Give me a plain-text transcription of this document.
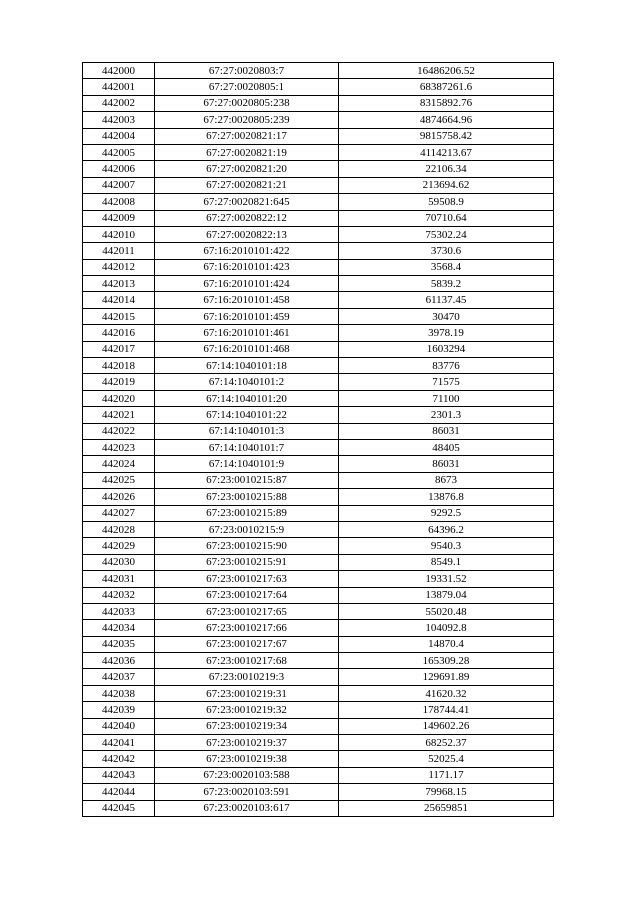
442000	67:27:0020803:7	16486206.52
442001	67:27:0020805:1	68387261.6
442002	67:27:0020805:238	8315892.76
442003	67:27:0020805:239	4874664.96
442004	67:27:0020821:17	9815758.42
442005	67:27:0020821:19	4114213.67
442006	67:27:0020821:20	22106.34
442007	67:27:0020821:21	213694.62
442008	67:27:0020821:645	59508.9
442009	67:27:0020822:12	70710.64
442010	67:27:0020822:13	75302.24
442011	67:16:2010101:422	3730.6
442012	67:16:2010101:423	3568.4
442013	67:16:2010101:424	5839.2
442014	67:16:2010101:458	61137.45
442015	67:16:2010101:459	30470
442016	67:16:2010101:461	3978.19
442017	67:16:2010101:468	1603294
442018	67:14:1040101:18	83776
442019	67:14:1040101:2	71575
442020	67:14:1040101:20	71100
442021	67:14:1040101:22	2301.3
442022	67:14:1040101:3	86031
442023	67:14:1040101:7	48405
442024	67:14:1040101:9	86031
442025	67:23:0010215:87	8673
442026	67:23:0010215:88	13876.8
442027	67:23:0010215:89	9292.5
442028	67:23:0010215:9	64396.2
442029	67:23:0010215:90	9540.3
442030	67:23:0010215:91	8549.1
442031	67:23:0010217:63	19331.52
442032	67:23:0010217:64	13879.04
442033	67:23:0010217:65	55020.48
442034	67:23:0010217:66	104092.8
442035	67:23:0010217:67	14870.4
442036	67:23:0010217:68	165309.28
442037	67:23:0010219:3	129691.89
442038	67:23:0010219:31	41620.32
442039	67:23:0010219:32	178744.41
442040	67:23:0010219:34	149602.26
442041	67:23:0010219:37	68252.37
442042	67:23:0010219:38	52025.4
442043	67:23:0020103:588	1171.17
442044	67:23:0020103:591	79968.15
442045	67:23:0020103:617	25659851
